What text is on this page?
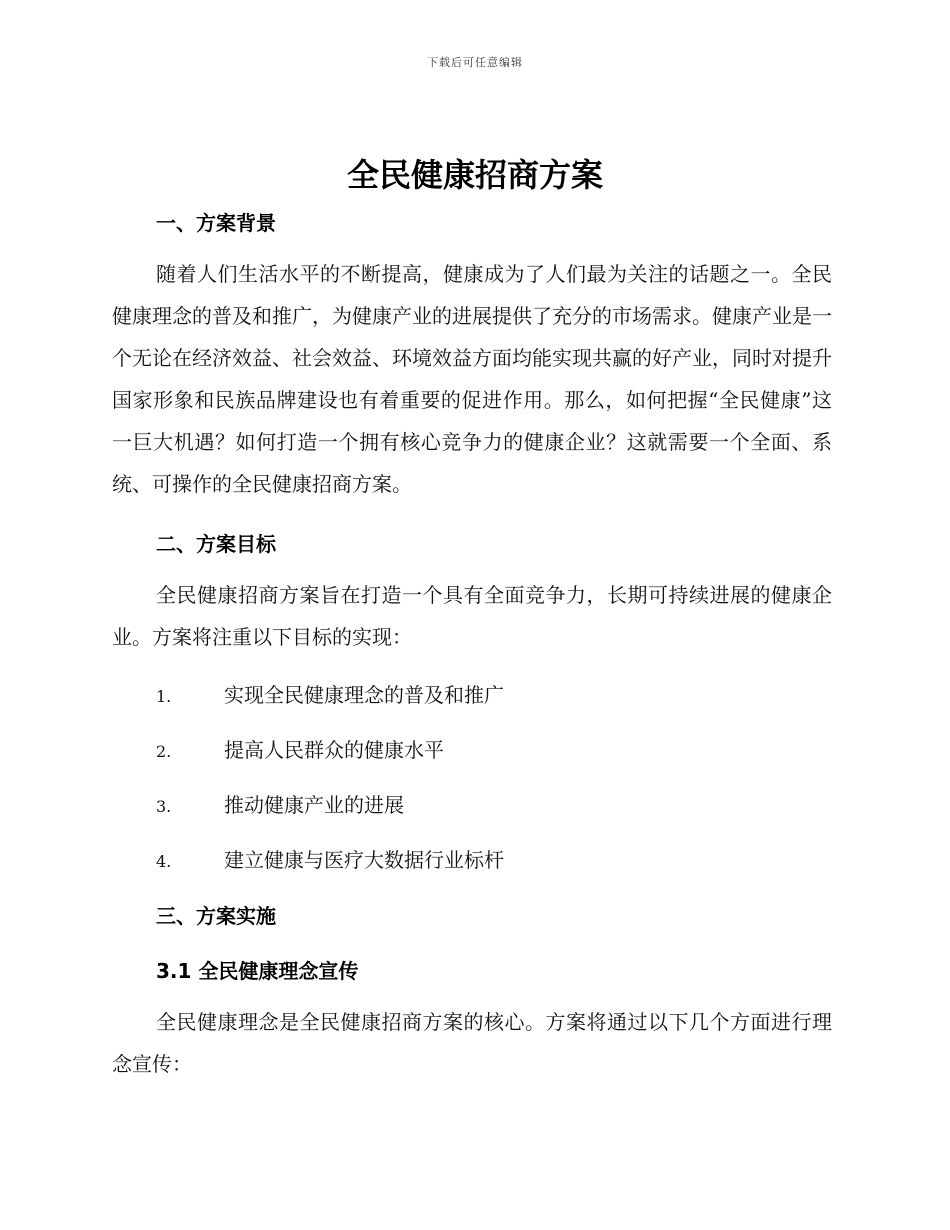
下载后可任意编辑
全民健康招商方案
一、方案背景
随着人们生活水平的不断提高，健康成为了人们最为关注的话题之一。全民健康理念的普及和推广，为健康产业的进展提供了充分的市场需求。健康产业是一个无论在经济效益、社会效益、环境效益方面均能实现共赢的好产业，同时对提升国家形象和民族品牌建设也有着重要的促进作用。那么，如何把握“全民健康”这一巨大机遇？如何打造一个拥有核心竞争力的健康企业？这就需要一个全面、系统、可操作的全民健康招商方案。
二、方案目标
全民健康招商方案旨在打造一个具有全面竞争力，长期可持续进展的健康企业。方案将注重以下目标的实现：
1.	实现全民健康理念的普及和推广
2.	提高人民群众的健康水平
3.	推动健康产业的进展
4.	建立健康与医疗大数据行业标杆
三、方案实施
3.1 全民健康理念宣传
全民健康理念是全民健康招商方案的核心。方案将通过以下几个方面进行理念宣传：
